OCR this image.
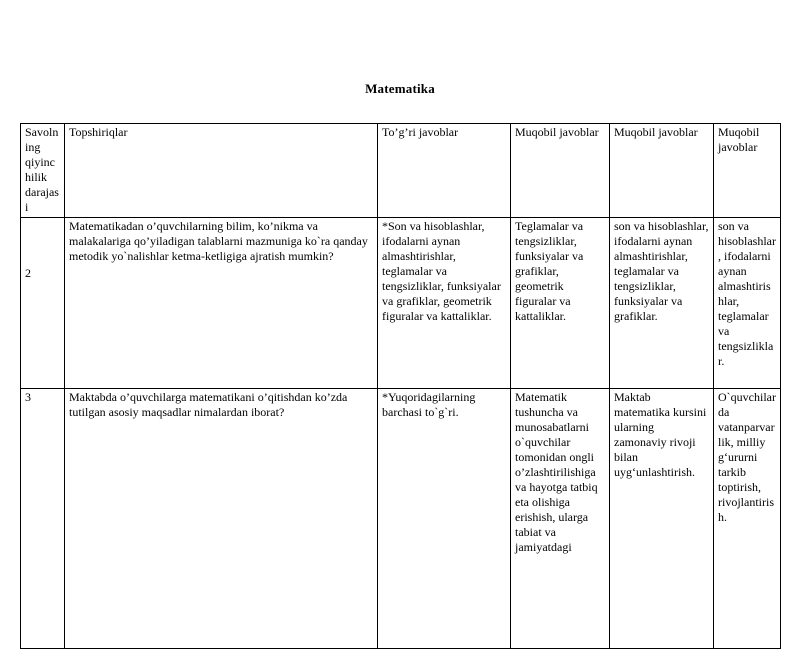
Matematika
Savolning qiyinchilik darajasi	Topshiriqlar	To’g’ri javoblar	Muqobil javoblar	Muqobil javoblar	Muqobil javoblar
2	Matematikadan o’quvchilarning bilim, ko’nikma va malakalariga qo’yiladigan talablarni mazmuniga ko`ra qanday metodik yo`nalishlar ketma-ketligiga ajratish mumkin?	*Son va hisoblashlar, ifodalarni aynan almashtirishlar, teglamalar va tengsizliklar, funksiyalar va grafiklar, geometrik figuralar va kattaliklar.	Teglamalar va tengsizliklar, funksiyalar va grafiklar, geometrik figuralar va kattaliklar.	son va hisoblashlar, ifodalarni aynan almashtirishlar, teglamalar va tengsizliklar, funksiyalar va grafiklar.	son va hisoblashlar, ifodalarni aynan almashtirishlar, teglamalar va tengsizliklar.
3	Maktabda o’quvchilarga matematikani o’qitishdan ko’zda tutilgan asosiy maqsadlar nimalardan iborat?	*Yuqoridagilarning barchasi to`g`ri.	Matematik tushuncha va munosabatlarni o`quvchilar tomonidan ongli o’zlashtirilishiga va hayotga tatbiq eta olishiga erishish, ularga tabiat va jamiyatdagi	Maktab matematika kursini ularning zamonaviy rivoji bilan uyg‘unlashtirish.	O`quvchilarda vatanparvarlik, milliy g‘ururni tarkib toptirish, rivojlantirish.
